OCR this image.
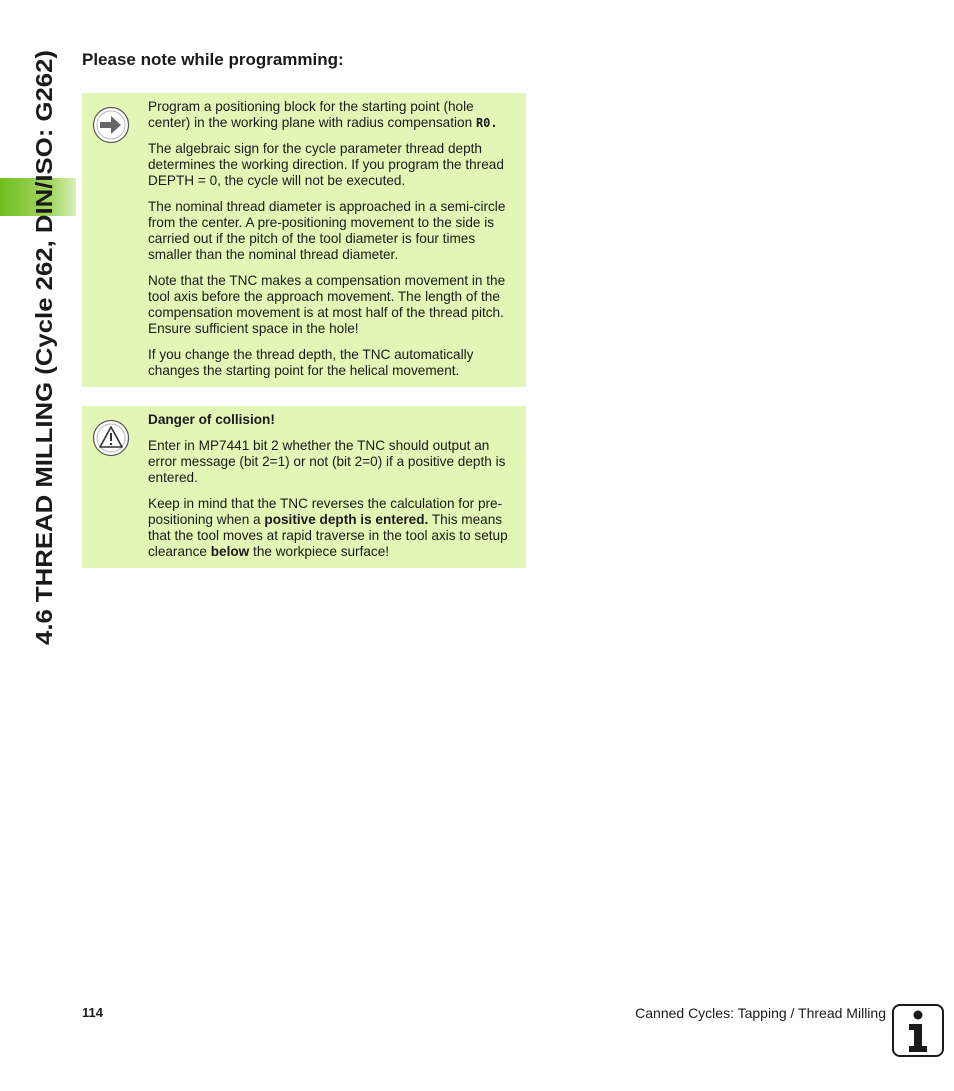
4.6 THREAD MILLING (Cycle 262, DIN/ISO: G262)
Please note while programming:

Program a positioning block for the starting point (hole center) in the working plane with radius compensation R0.

The algebraic sign for the cycle parameter thread depth determines the working direction. If you program the thread DEPTH = 0, the cycle will not be executed.

The nominal thread diameter is approached in a semi-circle from the center. A pre-positioning movement to the side is carried out if the pitch of the tool diameter is four times smaller than the nominal thread diameter.

Note that the TNC makes a compensation movement in the tool axis before the approach movement. The length of the compensation movement is at most half of the thread pitch. Ensure sufficient space in the hole!

If you change the thread depth, the TNC automatically changes the starting point for the helical movement.

Danger of collision!

Enter in MP7441 bit 2 whether the TNC should output an error message (bit 2=1) or not (bit 2=0) if a positive depth is entered.

Keep in mind that the TNC reverses the calculation for pre-positioning when a positive depth is entered. This means that the tool moves at rapid traverse in the tool axis to setup clearance below the workpiece surface!

114	Canned Cycles: Tapping / Thread Milling
